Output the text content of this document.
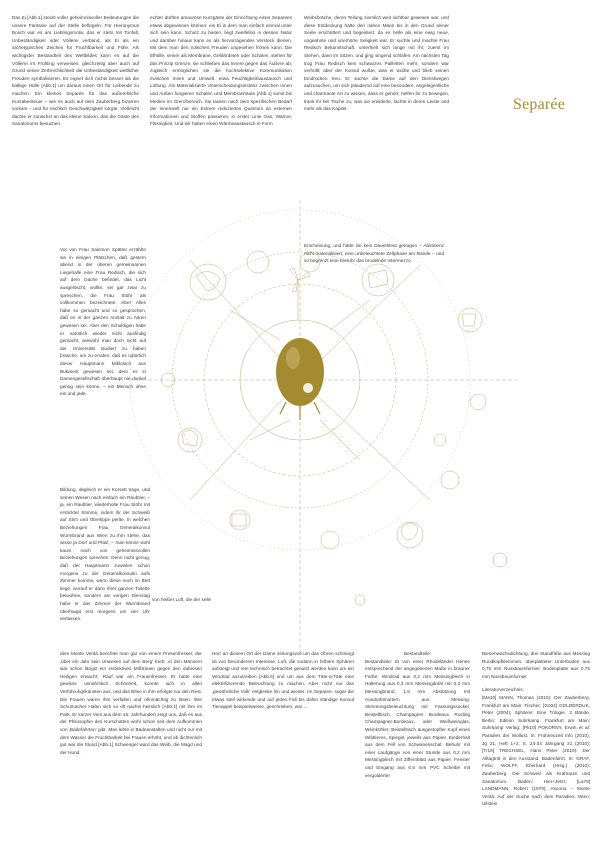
Separée

Das Ei [Abb.1] steckt voller geheimnisvoller Bedeutungen die unsere Fantasie auf der Stelle beflügeln. Für Hieronymus Bosch war es am Lieblingsmotiv, das er stets mit Tonfall, Unbeständigkeit oder Völlerei verband, als Ei als ein archetypisches Zeichen für Fruchtbarkeit und Fülle. Als wichtigster Bestandteil des Weltbildes kann es auf die Völlerei im Frühling verweisen, gleichzeitig aber auch auf Grund seiner Zerbrechlichkeit die Unbeständigkeit weltlicher Freuden symbolisieren. Es eignet sich nichts besser als die kalkige Hülle [Abb.1] um daraus einen Ort für Liebende zu machen. Ein kleines Separée für das außerehliche Kurzabenteuer – wie es auch auf dem Zauberberg bizarren vorkam – und für reichlich Geschwätzigkeit sorgte. Vielleicht dachte er zunächst an das kleine Saloon, das die Gäste des Sanatoriums besuchen.

echter dürften amouröse Kurzgäste der Einrichtung eines Separees etwas abgewinnen können: ein Ei in dem man einfach einmal unter sich sein kann. Schutz zu bieten, liegt zweifellos in dessen Natur und darüber hinaus kann es als hervorragendes Versteck dienen. Mit dem man den irdischen Freuden ungesehen frönen kann. Die Elhülle, seiner als Membrane, Gefährdeten oder Schalen, stehen für das Prinzip Grenze, sie schließen das Innere gegen das Äußere ab, zugleich ermöglichen sie die hochselektive Kommunikation zwischen Innen und Umwelt, etwa Feuchtigkeitsaustausch und Lüftung. Als Materialisierte Unterscheidungsinstanz zwischen Innen und Außen fungieren Schalen und Membranhäute [Abb.1] somit bis Medien im Grenzbereich. Sie lassen nach dem spezifischen Bedarf der Innenwelt nur ein Extrem reduziertes Quantum an externen Informationen und Stoffen passieren, in erster Linie Gas, Wärme, Flüssigkeit. Und wir haben einen Wärmeaustausch in Form

Weibsbräche, deren Teilung ziemlich weit sichtbar gewesen war, und diese Entdeckung hatte den nahen Mann bis in den Grund seiner Seele erschüttert und begeistert, da es helle als eine ewig neue, ungeahnte und unerhörte Seligkeit war. Er suchte und machte Frau Redisch Bekanntschaft, unterhielt sich lange mit ihr, zuerst im Stehen, dann im Sitzen, und ging singend schlafen. Am nächsten Tag trug Frau Redisch kein schwarzes Pailletten mehr, sondern war verhüllt; aber der Konsul wußte, was er wußte und blieb seinen Eindrücken treu. Er suchte die Dame auf den Dienstwegen aufzusuchen, um sich plaudernd auf eine besondere, angelegentliche und charmante Art zu wissen, dass er gehört, helfen ihr zu bewegen, trank ihr bei Tische zu, was sie erwiderte, lachte in deren Leiste und mehr als das Kapitel.

Erscheinung, und hätte sie kein Dauerkleid getragen – Abstinenz nicht materialisiert, eine unbeleuchtete Zeltphase am Rande – und so begrenzt eine Eieruhr das brodelnde Intermezzo.

Vor von Frau Salomon Spätter erzählte sie in einigen Plätzchen, daß gestern abend in der oberen gemeinsamen Liegehalle eine Frau Redisch, die sich auf dem Dache befindet, das Licht ausgelöscht, wollte, sei gar zwar zu spreschen, die Frau Stöhr als vollkommen bezeichnete. Aber Alles habe so gemacht und so gesprochen, daß es in der ganzen Anstalt zu hören gewesen sei. Aber den Schuldigen habe er natürlich wieder nicht ausfindig gemacht, wiewohl man doch nicht auf der Universität studiert zu haben brauche, um zu erraten, daß es natürlich dieser Hauptmann Miklosich aus Bukarest gewesen sei, dem es in Damengesellschaft überhaupt nie dunkel genug sein könne, – ein Mensch ohne ein und jede.

Bildung, obgleich er ein Korsett trage, und seinen Wesen nach einfach ein Raubtier, – ja, ein Raubtier, wiederholte Frau Stöhr mit erstickter Stimme, indem ihr der Schweiß auf Stirn und Oberlippe perlte. In welchen Beziehungen Frau Generalkonsul Wurmbrand aus Wien zu ihm stehe, das wisse ja Dorf und Platz, – man könne wohl kaum noch von geheimnisvollen Beziehungen sprechen. Denn nicht genug, daß der Hauptmann zuweilen schon morgens zu der Generalkonsulin aufs Zimmer komme, wenn diese noch im Bett liege, worauf er dann ihrer ganzen Toilette beiwohne, sondern am vorigen Dienstag habe er das Zimmer der Wurmbrand überhaupt erst morgens um vier Uhr verlassen.

von heißer Luft, die der selle

dem Monte Verità berichtet man gar von einem Presenfresser, der ‚über ein Jahr sein Unwesen auf dem Berg‘ trieb; ‚in den Männern war schon längst ein instinktives Mißtrauen gegen den dubiosen Heiligen erwacht‘. Rauf war ein Frauenfresser. Er hatte eine gewisse unnahmlich Schönheit, konnte sich in allen Verführungskünsten aus, und das Böse in ihm erfolgte nur den Rest. Die Frauen waren ihm verfallen und ohnmächtig zu lösen. Wie Schumacher Hafen sich so oft nachts heimlich [Abb.1] mit ihm im Park. Er kürzer Vers aus dem 16. Jahrhundert zeigt uns, daß es aus der Philosophie des Kurschatten wohl schon seit dem Aufkommen von ‚Badefahrten‘ gibt. Man lebte in Badeanstalten und nicht nur mit dem Wasser die Fruchtbarkeit bei Frauen erhöht, und ob dichterisch gut war die Stund [Abb.1] Schwenger ward das Weib, die Magd und der Hund.

Herr an diesem Ort der Dame zeitungsvoll um das Ohren schmiegt ist von besonderem Interesse. Luft, die sodann in höhere Sphären aufsteigt und rein technisch betrachtet genutzt werden kann um ein Windrad anzutreiben [Abb.6] und um aus dem Täte-a-Täte eine elektrifizierende Beleuchtung zu machen. Aber nicht nur das ‚gewöhnliche Volk‘ entgleiste hin und wieder. Im Separee, sogar die etwas steif wirkende und auf jeden Fall bis dahin ständige Konsul Tienappel beispielsweise, geschrieben, war ...

Bestandteile:

Bestandteile: Ei von einer Rhodeländer Henne entsprechend der angegebenen Maße in brauner Farbe; Windrad aus 0,2 mm Messingblech in Halterung aus 0,3 mm Messingdraht mit 0,2 mm Messingbrand, 1,5 mm Abstützung mit Ausdrahtmuttern aus Messing. Stimmungsbeleuchtung mit Fassungssockel, Beistelltisch, Champagner Bordeaux Rosling Champagner-Bordeaux, oder Weißweinglas, Weinkühler; Beistelltisch ausgestopfter Kopf eines Wildtieres, Spiegel, jeweils aus Papier. Eiederhalt aus dem Fell von Schwanenschaf. Behuhr mit einer Laufgänge von einer Stunde aus 0,2 mm Messingblech mit Ziffernblatt aus Papier, Fenster und Eingang aus 0,5 mm PVC Scheibe mit vergolderter

Bienenwachsdichtung, drei Standfüße aus Messing Rundkopfklemmen, überplatteter Unterboden aus 0,75 mm Nussbaumfurnier, Bodenplatte aus 0,75 mm Nussbaumfurnier

Literaturverzeichnis:

[Ma10] MANN, Thomas (2010): Der Zauberberg. Frankfurt am Main: Fischer; [Gö04] GOLDERDUK, Peter (2004): Sphären: Eine Trilogie. 3 Bände. Berlin: Edition Suhrkamp, Frankfurt am Main: Suhrkamp Verlag; [Pk10] POKORNY, Erwin et al: Paradies der Wollust. In: Frühneuzeit Info (2010), Jg 21, Heft 1+2, S. 24-34 Jahrgang 21 (2010); [Tr10] TRECHSEL, Hans Peter (2010): Der Alltagtritt in den Ausstand. Badenfahrt. In: GRAF, Felix; WOLFF, Eberhard (Hrsg.) (2010): Zauberberg. Die Schweiz als Kraftraum und Sanatorium. Baden: Hier+Jetzt; [La79] LANDMANN, Robert (1979): Ascona – Monte Verità: Auf der Suche nach dem Paradies. Wien: Ullstein
